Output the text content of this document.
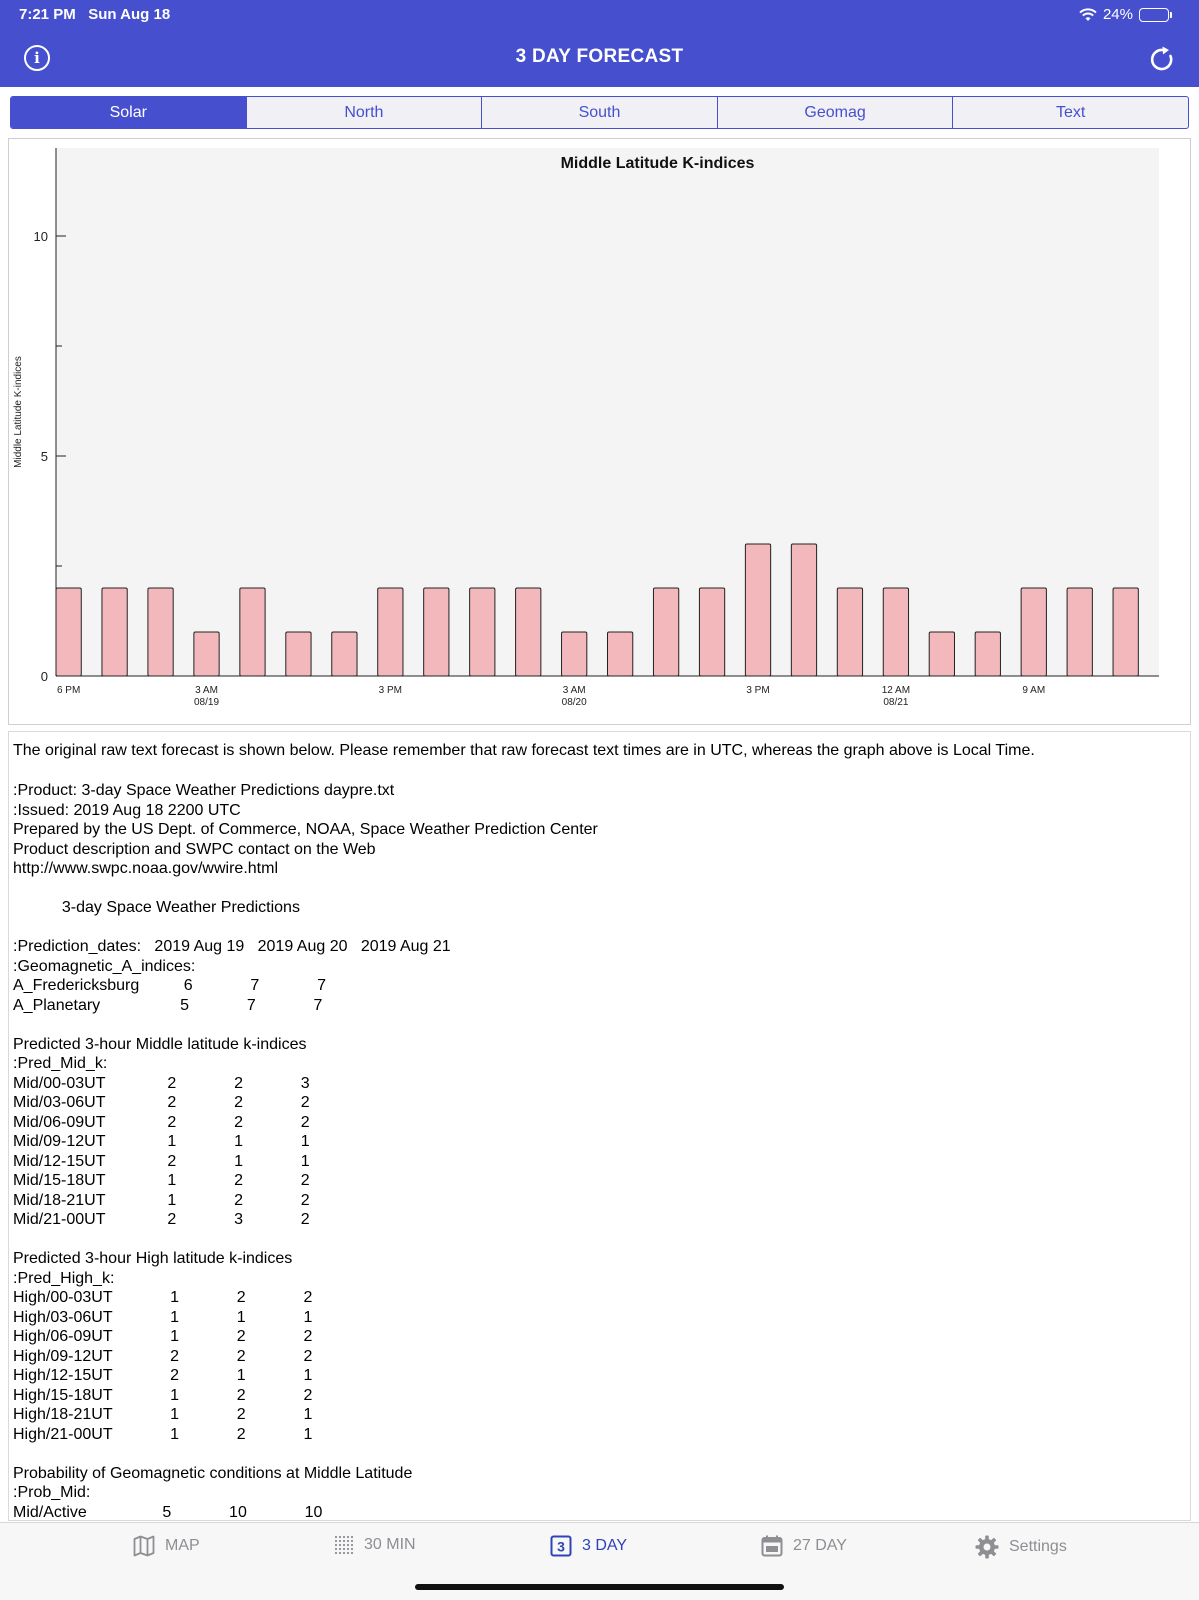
7:21 PM Sun Aug 18	24%
i	3 DAY FORECAST
Solar	North	South	Geomag	Text
0
5
10
6 PM	3 AM
08/19
3 PM	3 AM
08/20
3 PM	12 AM
08/21
9 AM
Middle Latitude K-indices
Middle Latitude K-indices
The original raw text forecast is shown below. Please remember that raw forecast text times are in UTC, whereas the graph above is Local Time.
:Product: 3-day Space Weather Predictions daypre.txt
:Issued: 2019 Aug 18 2200 UTC
Prepared by the US Dept. of Commerce, NOAA, Space Weather Prediction Center
Product description and SWPC contact on the Web
http://www.swpc.noaa.gov/wwire.html

3-day Space Weather Predictions

:Prediction_dates:   2019 Aug 19   2019 Aug 20   2019 Aug 21
:Geomagnetic_A_indices:
A_Fredericksburg          6             7             7
A_Planetary                  5             7             7

Predicted 3-hour Middle latitude k-indices
:Pred_Mid_k:
Mid/00-03UT              2             2             3
Mid/03-06UT              2             2             2
Mid/06-09UT              2             2             2
Mid/09-12UT              1             1             1
Mid/12-15UT              2             1             1
Mid/15-18UT              1             2             2
Mid/18-21UT              1             2             2
Mid/21-00UT              2             3             2

Predicted 3-hour High latitude k-indices
:Pred_High_k:
High/00-03UT             1             2             2
High/03-06UT             1             1             1
High/06-09UT             1             2             2
High/09-12UT             2             2             2
High/12-15UT             2             1             1
High/15-18UT             1             2             2
High/18-21UT             1             2             1
High/21-00UT             1             2             1

Probability of Geomagnetic conditions at Middle Latitude
:Prob_Mid:
Mid/Active                 5             10             10
MAP	30 MIN	3 3 DAY	27 DAY	Settings
